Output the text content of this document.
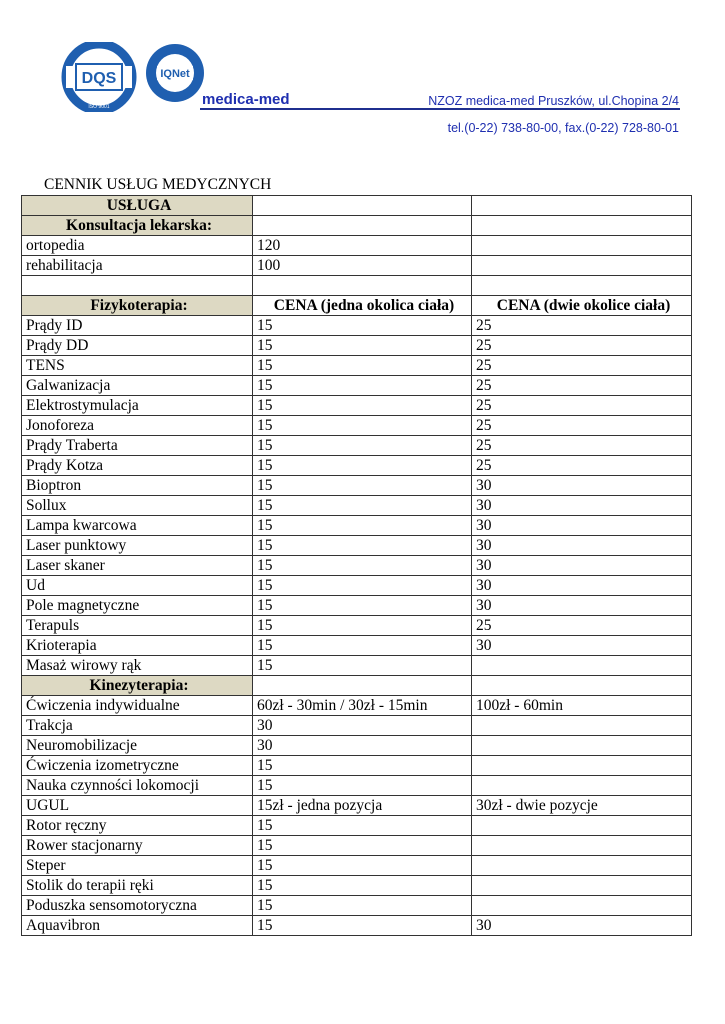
DQS
ISO 9001
IQNet
medica-med	NZOZ medica-med Pruszków, ul.Chopina 2/4
tel.(0-22) 738-80-00, fax.(0-22) 728-80-01
CENNIK USŁUG MEDYCZNYCH
USŁUGA		
Konsultacja lekarska:		
ortopedia	120	
rehabilitacja	100	

Fizykoterapia:	CENA (jedna okolica ciała)	CENA (dwie okolice ciała)
Prądy ID	15	25
Prądy DD	15	25
TENS	15	25
Galwanizacja	15	25
Elektrostymulacja	15	25
Jonoforeza	15	25
Prądy Traberta	15	25
Prądy Kotza	15	25
Bioptron	15	30
Sollux	15	30
Lampa kwarcowa	15	30
Laser punktowy	15	30
Laser skaner	15	30
Ud	15	30
Pole magnetyczne	15	30
Terapuls	15	25
Krioterapia	15	30
Masaż wirowy rąk	15	
Kinezyterapia:		
Ćwiczenia indywidualne	60zł - 30min / 30zł - 15min	100zł - 60min
Trakcja	30	
Neuromobilizacje	30	
Ćwiczenia izometryczne	15	
Nauka czynności lokomocji	15	
UGUL	15zł - jedna pozycja	30zł - dwie pozycje
Rotor ręczny	15	
Rower stacjonarny	15	
Steper	15	
Stolik do terapii ręki	15	
Poduszka sensomotoryczna	15	
Aquavibron	15	30
